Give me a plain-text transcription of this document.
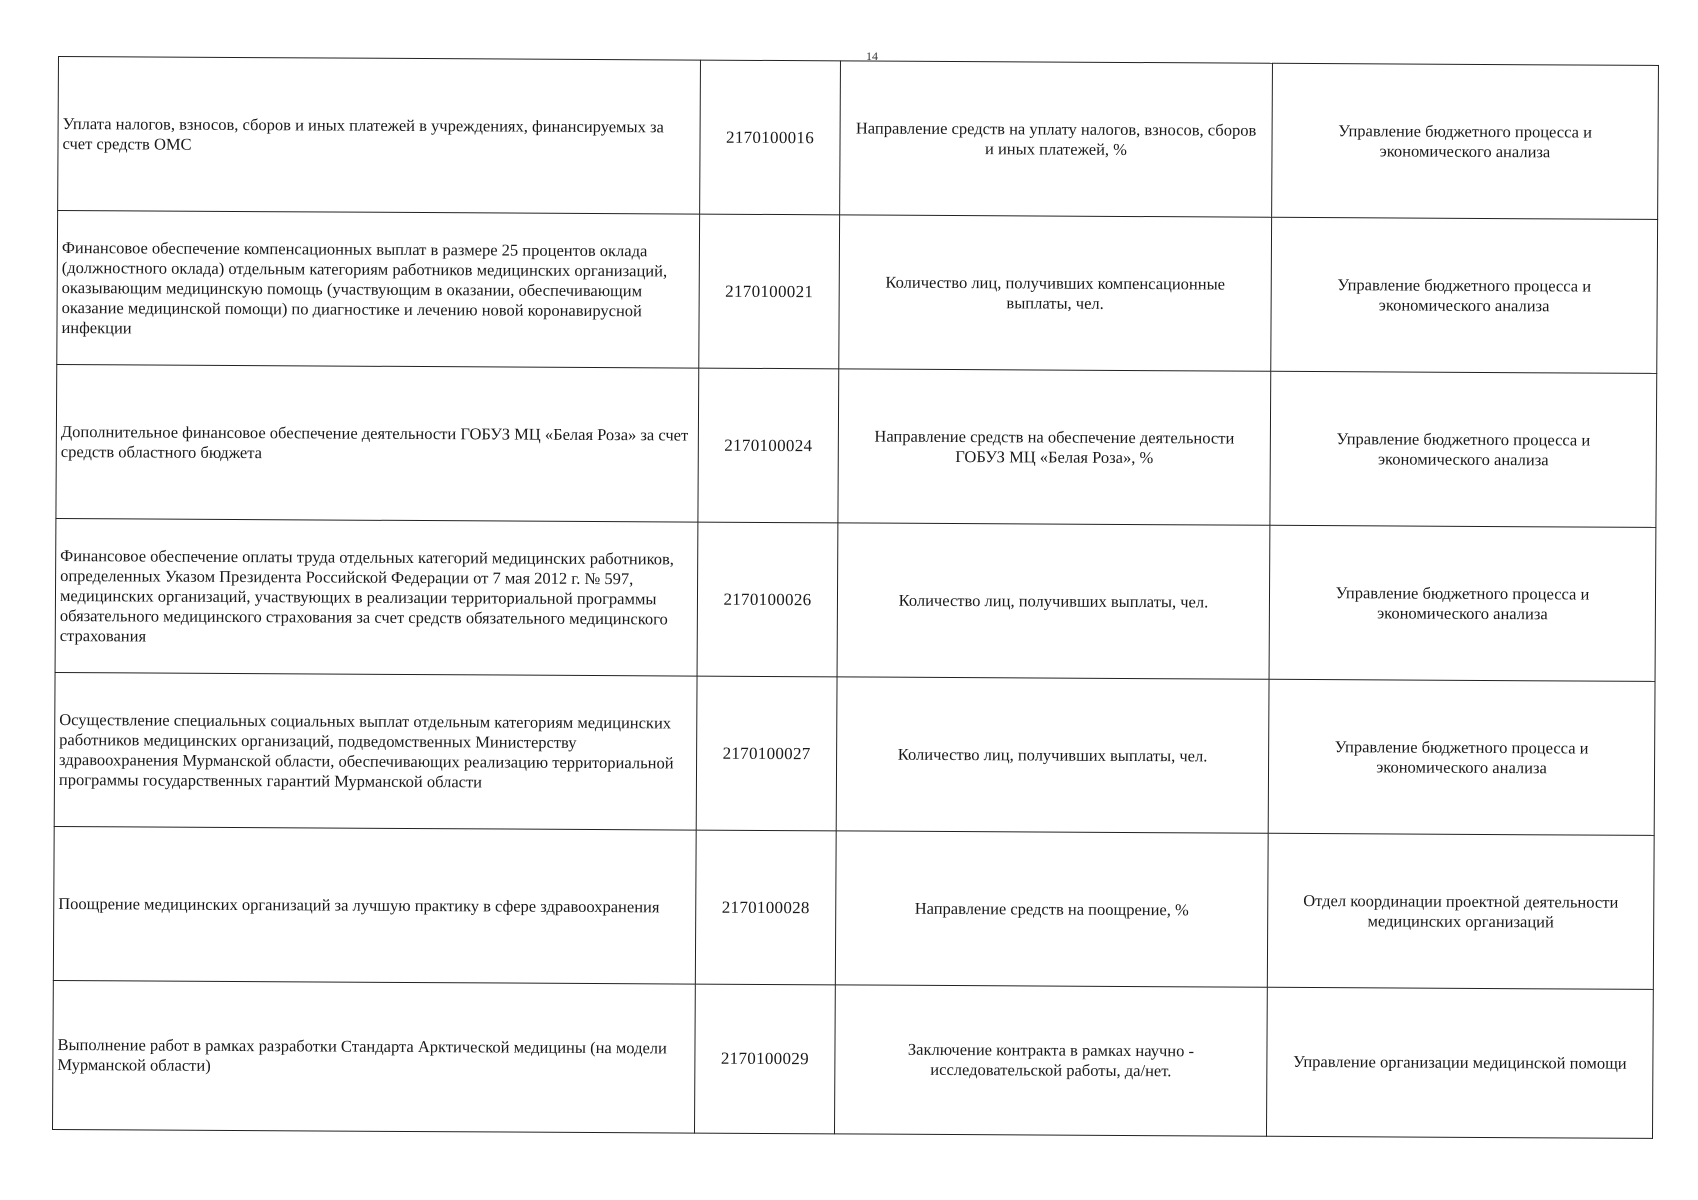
14
Уплата налогов, взносов, сборов и иных платежей в учреждениях, финансируемых за счет средств ОМС	2170100016	Направление средств на уплату налогов, взносов, сборов и иных платежей, %	Управление бюджетного процесса и экономического анализа
Финансовое обеспечение компенсационных выплат в размере 25 процентов оклада (должностного оклада) отдельным категориям работников медицинских организаций, оказывающим медицинскую помощь (участвующим в оказании, обеспечивающим оказание медицинской помощи) по диагностике и лечению новой коронавирусной инфекции	2170100021	Количество лиц, получивших компенсационные выплаты, чел.	Управление бюджетного процесса и экономического анализа
Дополнительное финансовое обеспечение деятельности ГОБУЗ МЦ «Белая Роза» за счет средств областного бюджета	2170100024	Направление средств на обеспечение деятельности ГОБУЗ МЦ «Белая Роза», %	Управление бюджетного процесса и экономического анализа
Финансовое обеспечение оплаты труда отдельных категорий медицинских работников, определенных Указом Президента Российской Федерации от 7 мая 2012 г. № 597, медицинских организаций, участвующих в реализации территориальной программы обязательного медицинского страхования за счет средств обязательного медицинского страхования	2170100026	Количество лиц, получивших выплаты, чел.	Управление бюджетного процесса и экономического анализа
Осуществление специальных социальных выплат отдельным категориям медицинских работников медицинских организаций, подведомственных Министерству здравоохранения Мурманской области, обеспечивающих реализацию территориальной программы государственных гарантий Мурманской области	2170100027	Количество лиц, получивших выплаты, чел.	Управление бюджетного процесса и экономического анализа
Поощрение медицинских организаций за лучшую практику в сфере здравоохранения	2170100028	Направление средств на поощрение, %	Отдел координации проектной деятельности медицинских организаций
Выполнение работ в рамках разработки Стандарта Арктической медицины (на модели Мурманской области)	2170100029	Заключение контракта в рамках научно - исследовательской работы, да/нет.	Управление организации медицинской помощи
